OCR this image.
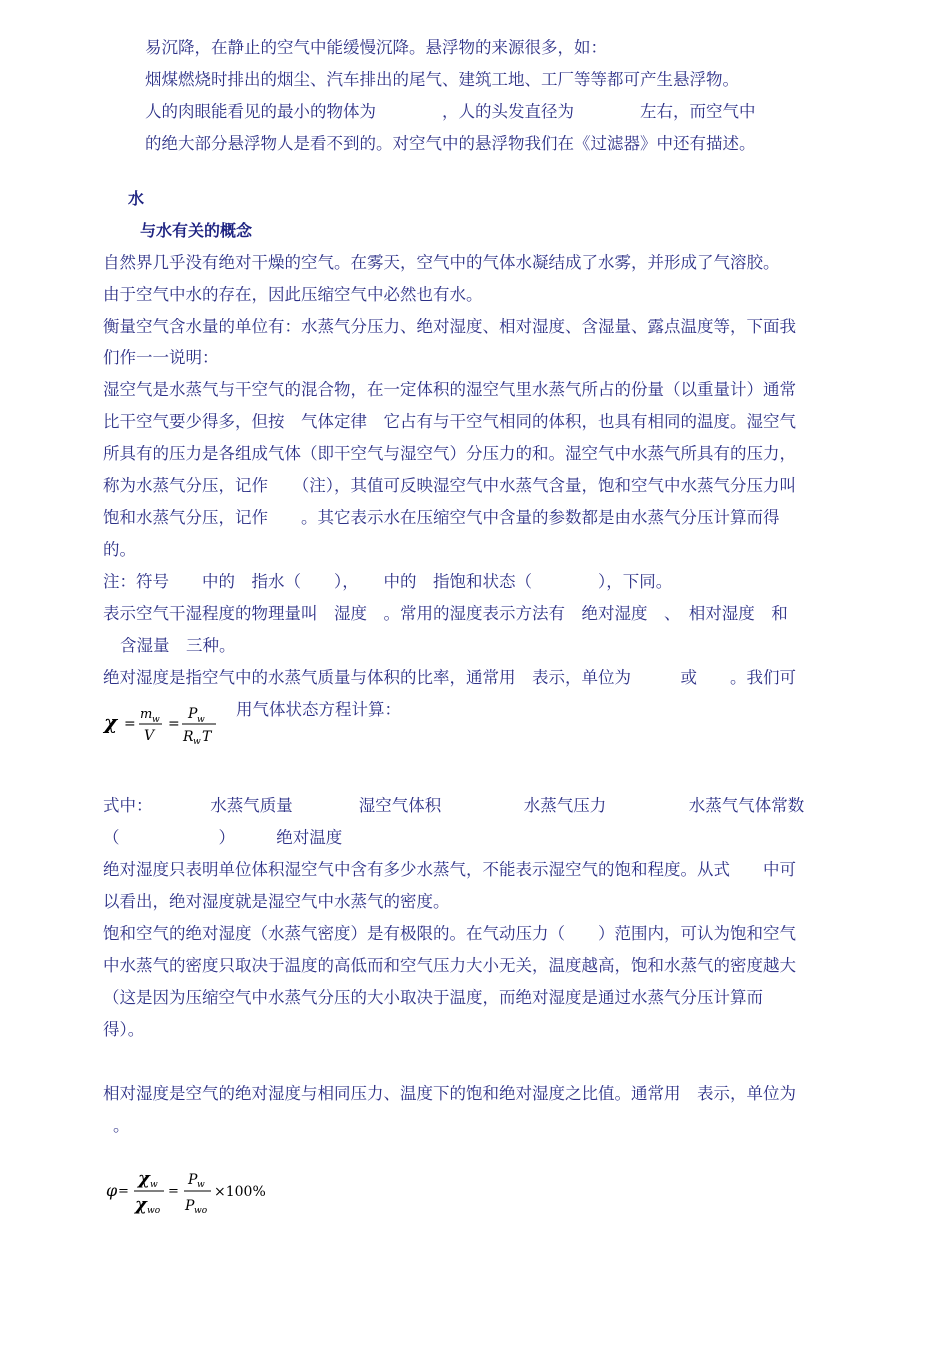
易沉降，在静止的空气中能缓慢沉降。悬浮物的来源很多，如：
烟煤燃烧时排出的烟尘、汽车排出的尾气、建筑工地、工厂等等都可产生悬浮物。
人的肉眼能看见的最小的物体为　　　　，人的头发直径为　　　　左右，而空气中
的绝大部分悬浮物人是看不到的。对空气中的悬浮物我们在《过滤器》中还有描述。
水
与水有关的概念
自然界几乎没有绝对干燥的空气。在雾天，空气中的气体水凝结成了水雾，并形成了气溶胶。
由于空气中水的存在，因此压缩空气中必然也有水。
衡量空气含水量的单位有：水蒸气分压力、绝对湿度、相对湿度、含湿量、露点温度等，下面我
们作一一说明：
湿空气是水蒸气与干空气的混合物，在一定体积的湿空气里水蒸气所占的份量（以重量计）通常
比干空气要少得多，但按　气体定律　它占有与干空气相同的体积，也具有相同的温度。湿空气
所具有的压力是各组成气体（即干空气与湿空气）分压力的和。湿空气中水蒸气所具有的压力，
称为水蒸气分压，记作　　（注），其值可反映湿空气中水蒸气含量，饱和空气中水蒸气分压力叫
饱和水蒸气分压，记作　　。其它表示水在压缩空气中含量的参数都是由水蒸气分压计算而得
的。
注：符号　　中的　指水（　　），　　中的　指饱和状态（　　　　），下同。
表示空气干湿程度的物理量叫　湿度　。常用的湿度表示方法有　绝对湿度　、　相对湿度　和
含湿量　三种。
绝对湿度是指空气中的水蒸气质量与体积的比率，通常用　表示，单位为　　　或　　。我们可
用气体状态方程计算：
χ =
m w
V
=
P w
R w T
式中：　　　　水蒸气质量　　　　湿空气体积　　　　　水蒸气压力　　　　　水蒸气气体常数
（　　　　　　）　　　绝对温度
绝对湿度只表明单位体积湿空气中含有多少水蒸气，不能表示湿空气的饱和程度。从式　　中可
以看出，绝对湿度就是湿空气中水蒸气的密度。
饱和空气的绝对湿度（水蒸气密度）是有极限的。在气动压力（　　）范围内，可认为饱和空气
中水蒸气的密度只取决于温度的高低而和空气压力大小无关，温度越高，饱和水蒸气的密度越大
（这是因为压缩空气中水蒸气分压的大小取决于温度，而绝对湿度是通过水蒸气分压计算而
得）。
相对湿度是空气的绝对湿度与相同压力、温度下的饱和绝对湿度之比值。通常用　表示，单位为
。
φ =
χ w
χ wo
=
P w
P wo
×100%
